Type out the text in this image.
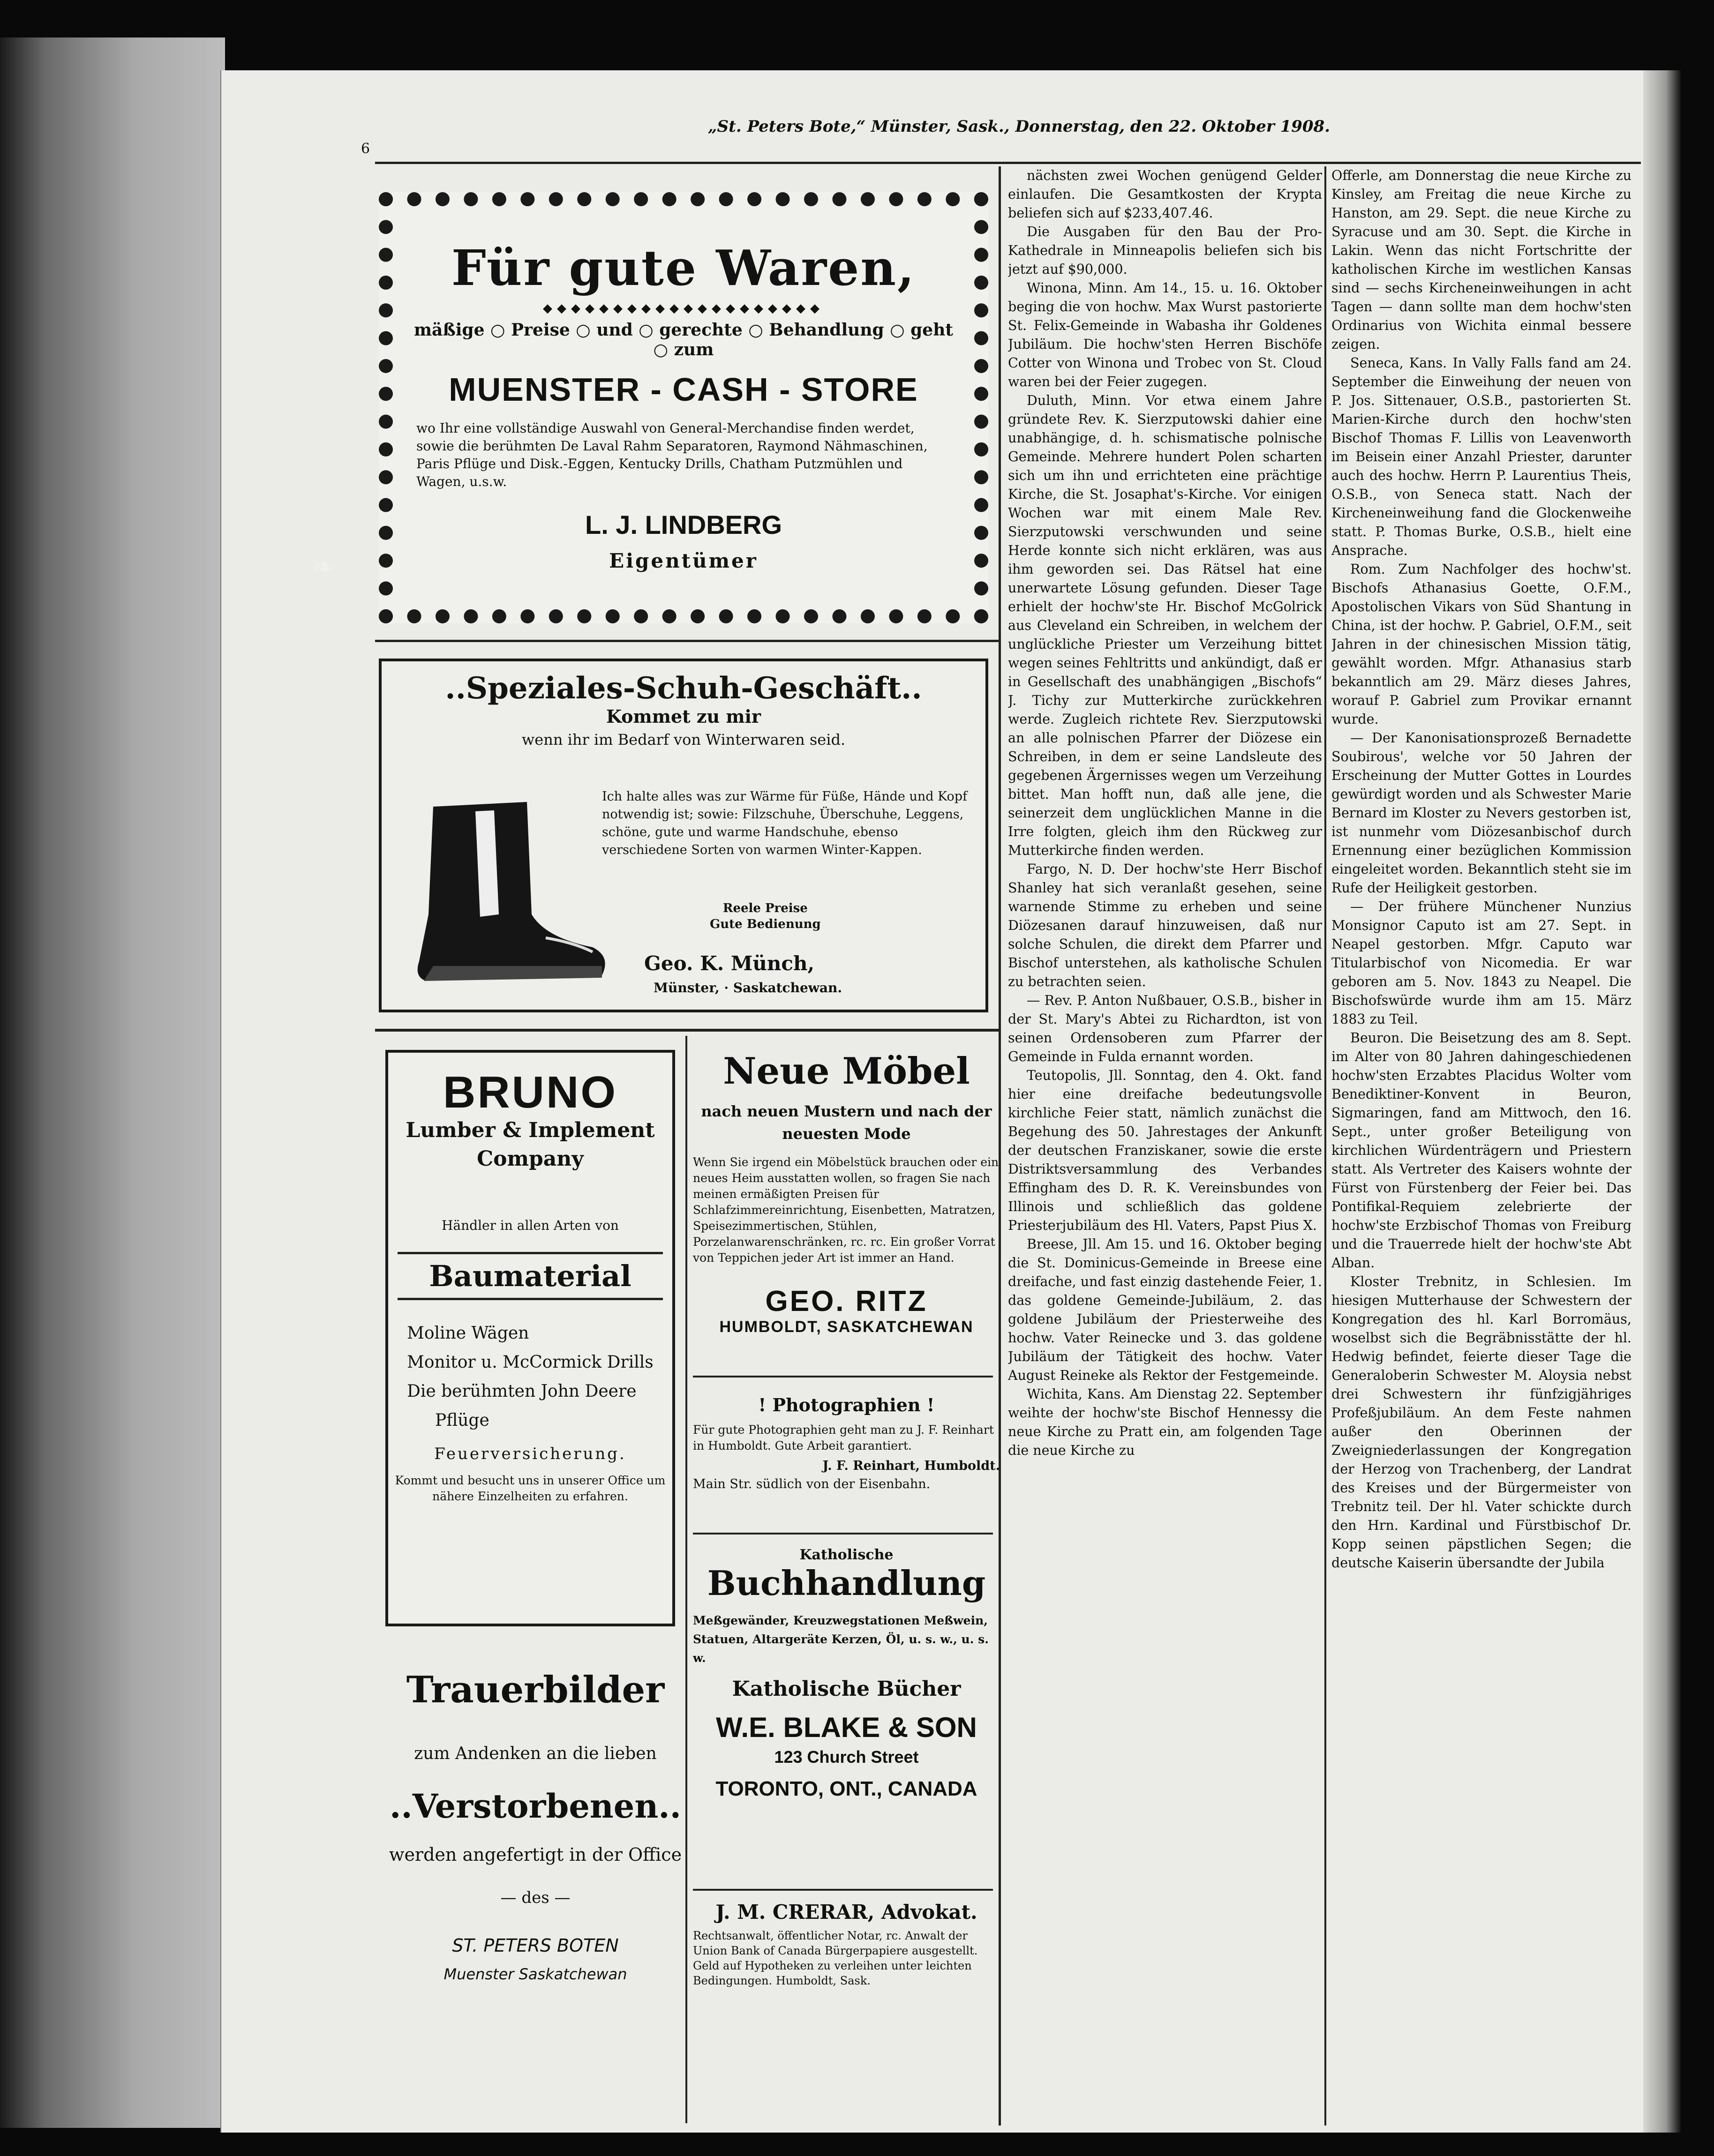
6
„St. Peters Bote,“ Münster, Sask., Donnerstag, den 22. Oktober 1908.
Für gute Waren,
◆◆◆◆◆◆◆◆◆◆◆◆◆◆◆◆◆◆◆◆
mäßige ○ Preise ○ und ○ gerechte ○ Behandlung ○ geht ○ zum
MUENSTER - CASH - STORE
wo Ihr eine vollständige Auswahl von General-Merchandise finden werdet, sowie die berühmten De Laval Rahm Separatoren, Raymond Nähmaschinen, Paris Pflüge und Disk.-Eggen, Kentucky Drills, Chatham Putzmühlen und Wagen, u.s.w.
L. J. LINDBERG
Eigentümer
❧
..Speziales-Schuh-Geschäft..
Kommet zu mir
wenn ihr im Bedarf von Winterwaren seid.
Ich halte alles was zur Wärme für Füße, Hände und Kopf notwendig ist; sowie: Filzschuhe, Überschuhe, Leggens, schöne, gute und warme Handschuhe, ebenso verschiedene Sorten von warmen Winter-Kappen.
Reele Preise
Gute Bedienung
Geo. K. Münch,
Münster, · Saskatchewan.
BRUNO
Lumber & Implement
Company
Händler in allen Arten von
Baumaterial
Moline Wägen
Monitor u. McCormick Drills
Die berühmten John Deere
Pflüge
Feuerversicherung.
Kommt und besucht uns in unserer Office um nähere Einzelheiten zu erfahren.
Trauerbilder
zum Andenken an die lieben
..Verstorbenen..
werden angefertigt in der Office
— des —
ST. PETERS BOTEN
Muenster Saskatchewan
Neue Möbel
nach neuen Mustern und nach der neuesten Mode
Wenn Sie irgend ein Möbelstück brauchen oder ein neues Heim ausstatten wollen, so fragen Sie nach meinen ermäßigten Preisen für Schlafzimmereinrichtung, Eisenbetten, Matratzen, Speisezimmertischen, Stühlen, Porzelanwarenschränken, rc. rc. Ein großer Vorrat von Teppichen jeder Art ist immer an Hand.
GEO. RITZ
HUMBOLDT, SASKATCHEWAN
! Photographien !
Für gute Photographien geht man zu J. F. Reinhart in Humboldt. Gute Arbeit garantiert.
J. F. Reinhart, Humboldt.
Main Str. südlich von der Eisenbahn.
Katholische
Buchhandlung
Meßgewänder, Kreuzwegstationen Meßwein, Statuen, Altargeräte Kerzen, Öl, u. s. w., u. s. w.
Katholische Bücher
W.E. BLAKE & SON
123 Church Street
TORONTO, ONT., CANADA
J. M. CRERAR, Advokat.
Rechtsanwalt, öffentlicher Notar, rc. Anwalt der Union Bank of Canada Bürgerpapiere ausgestellt. Geld auf Hypotheken zu verleihen unter leichten Bedingungen. Humboldt, Sask.

nächsten zwei Wochen genügend Gelder einlaufen. Die Gesamtkosten der Krypta beliefen sich auf $233,407.46.

Die Ausgaben für den Bau der Pro-Kathedrale in Minneapolis beliefen sich bis jetzt auf $90,000.

Winona, Minn. Am 14., 15. u. 16. Oktober beging die von hochw. Max Wurst pastorierte St. Felix-Gemeinde in Wabasha ihr Goldenes Jubiläum. Die hochw'sten Herren Bischöfe Cotter von Winona und Trobec von St. Cloud waren bei der Feier zugegen.

Duluth, Minn. Vor etwa einem Jahre gründete Rev. K. Sierzputowski dahier eine unabhängige, d. h. schismatische polnische Gemeinde. Mehrere hundert Polen scharten sich um ihn und errichteten eine prächtige Kirche, die St. Josaphat's-Kirche. Vor einigen Wochen war mit einem Male Rev. Sierzputowski verschwunden und seine Herde konnte sich nicht erklären, was aus ihm geworden sei. Das Rätsel hat eine unerwartete Lösung gefunden. Dieser Tage erhielt der hochw'ste Hr. Bischof McGolrick aus Cleveland ein Schreiben, in welchem der unglückliche Priester um Verzeihung bittet wegen seines Fehltritts und ankündigt, daß er in Gesellschaft des unabhängigen „Bischofs“ J. Tichy zur Mutterkirche zurückkehren werde. Zugleich richtete Rev. Sierzputowski an alle polnischen Pfarrer der Diözese ein Schreiben, in dem er seine Landsleute des gegebenen Ärgernisses wegen um Verzeihung bittet. Man hofft nun, daß alle jene, die seinerzeit dem unglücklichen Manne in die Irre folgten, gleich ihm den Rückweg zur Mutterkirche finden werden.

Fargo, N. D. Der hochw'ste Herr Bischof Shanley hat sich veranlaßt gesehen, seine warnende Stimme zu erheben und seine Diözesanen darauf hinzuweisen, daß nur solche Schulen, die direkt dem Pfarrer und Bischof unterstehen, als katholische Schulen zu betrachten seien.

— Rev. P. Anton Nußbauer, O.S.B., bisher in der St. Mary's Abtei zu Richardton, ist von seinen Ordensoberen zum Pfarrer der Gemeinde in Fulda ernannt worden.

Teutopolis, Jll. Sonntag, den 4. Okt. fand hier eine dreifache bedeutungsvolle kirchliche Feier statt, nämlich zunächst die Begehung des 50. Jahrestages der Ankunft der deutschen Franziskaner, sowie die erste Distriktsversammlung des Verbandes Effingham des D. R. K. Vereinsbundes von Illinois und schließlich das goldene Priesterjubiläum des Hl. Vaters, Papst Pius X.

Breese, Jll. Am 15. und 16. Oktober beging die St. Dominicus-Gemeinde in Breese eine dreifache, und fast einzig dastehende Feier, 1. das goldene Gemeinde-Jubiläum, 2. das goldene Jubiläum der Priesterweihe des hochw. Vater Reinecke und 3. das goldene Jubiläum der Tätigkeit des hochw. Vater August Reineke als Rektor der Festgemeinde.

Wichita, Kans. Am Dienstag 22. September weihte der hochw'ste Bischof Hennessy die neue Kirche zu Pratt ein, am folgenden Tage die neue Kirche zu

Offerle, am Donnerstag die neue Kirche zu Kinsley, am Freitag die neue Kirche zu Hanston, am 29. Sept. die neue Kirche zu Syracuse und am 30. Sept. die Kirche in Lakin. Wenn das nicht Fortschritte der katholischen Kirche im westlichen Kansas sind — sechs Kircheneinweihungen in acht Tagen — dann sollte man dem hochw'sten Ordinarius von Wichita einmal bessere zeigen.

Seneca, Kans. In Vally Falls fand am 24. September die Einweihung der neuen von P. Jos. Sittenauer, O.S.B., pastorierten St. Marien-Kirche durch den hochw'sten Bischof Thomas F. Lillis von Leavenworth im Beisein einer Anzahl Priester, darunter auch des hochw. Herrn P. Laurentius Theis, O.S.B., von Seneca statt. Nach der Kircheneinweihung fand die Glockenweihe statt. P. Thomas Burke, O.S.B., hielt eine Ansprache.

Rom. Zum Nachfolger des hochw'st. Bischofs Athanasius Goette, O.F.M., Apostolischen Vikars von Süd Shantung in China, ist der hochw. P. Gabriel, O.F.M., seit Jahren in der chinesischen Mission tätig, gewählt worden. Mfgr. Athanasius starb bekanntlich am 29. März dieses Jahres, worauf P. Gabriel zum Provikar ernannt wurde.

— Der Kanonisationsprozeß Bernadette Soubirous', welche vor 50 Jahren der Erscheinung der Mutter Gottes in Lourdes gewürdigt worden und als Schwester Marie Bernard im Kloster zu Nevers gestorben ist, ist nunmehr vom Diözesanbischof durch Ernennung einer bezüglichen Kommission eingeleitet worden. Bekanntlich steht sie im Rufe der Heiligkeit gestorben.

— Der frühere Münchener Nunzius Monsignor Caputo ist am 27. Sept. in Neapel gestorben. Mfgr. Caputo war Titularbischof von Nicomedia. Er war geboren am 5. Nov. 1843 zu Neapel. Die Bischofswürde wurde ihm am 15. März 1883 zu Teil.

Beuron. Die Beisetzung des am 8. Sept. im Alter von 80 Jahren dahingeschiedenen hochw'sten Erzabtes Placidus Wolter vom Benediktiner-Konvent in Beuron, Sigmaringen, fand am Mittwoch, den 16. Sept., unter großer Beteiligung von kirchlichen Würdenträgern und Priestern statt. Als Vertreter des Kaisers wohnte der Fürst von Fürstenberg der Feier bei. Das Pontifikal-Requiem zelebrierte der hochw'ste Erzbischof Thomas von Freiburg und die Trauerrede hielt der hochw'ste Abt Alban.

Kloster Trebnitz, in Schlesien. Im hiesigen Mutterhause der Schwestern der Kongregation des hl. Karl Borromäus, woselbst sich die Begräbnisstätte der hl. Hedwig befindet, feierte dieser Tage die Generaloberin Schwester M. Aloysia nebst drei Schwestern ihr fünfzigjähriges Profeßjubiläum. An dem Feste nahmen außer den Oberinnen der Zweigniederlassungen der Kongregation der Herzog von Trachenberg, der Landrat des Kreises und der Bürgermeister von Trebnitz teil. Der hl. Vater schickte durch den Hrn. Kardinal und Fürstbischof Dr. Kopp seinen päpstlichen Segen; die deutsche Kaiserin übersandte der Jubila
